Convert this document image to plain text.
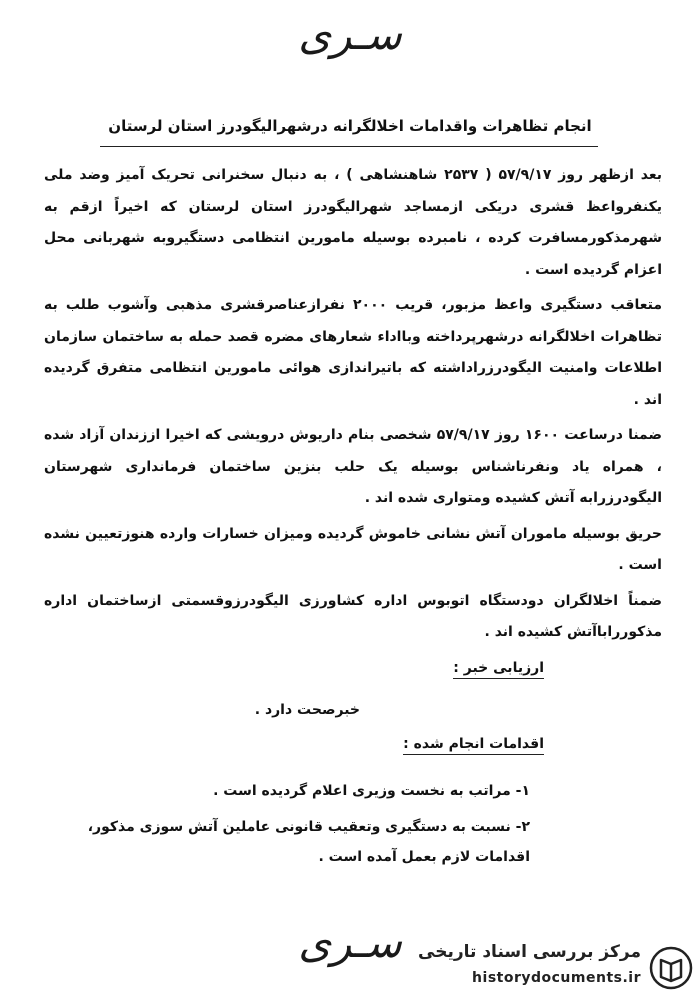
سـری
انجام تظاهرات واقدامات اخلالگرانه درشهرالیگودرز استان لرستان

بعد ازظهر روز ۵۷/۹/۱۷ ( ۲۵۳۷ شاهنشاهی ) ، به دنبال سخنرانی تحریک آمیز وضد ملی یکنفرواعظ قشری دریکی ازمساجد شهرالیگودرز استان لرستان که اخیراً ازقم به شهرمذکورمسافرت کرده ، نامبرده بوسیله مامورین انتظامی دستگیروبه شهربانی محل اعزام گردیده است .

متعاقب دستگیری واعظ مزبور، قریب ۲۰۰۰ نفرازعناصرقشری مذهبی وآشوب طلب به تظاهرات اخلالگرانه درشهرپرداخته وبااداء شعارهای مضره قصد حمله به ساختمان سازمان اطلاعات وامنیت الیگودرزراداشته که باتیراندازی هوائی مامورین انتظامی متفرق گردیده اند .

ضمنا درساعت ۱۶۰۰ روز ۵۷/۹/۱۷ شخصی بنام داریوش درویشی که اخیرا اززندان آزاد شده ، همراه یاد ونفرناشناس بوسیله یک حلب بنزین ساختمان فرمانداری شهرستان الیگودرزرابه آتش کشیده ومتواری شده اند .

حریق بوسیله ماموران آتش نشانی خاموش گردیده ومیزان خسارات وارده هنوزتعیین نشده است .

ضمناً اخلالگران دودستگاه اتوبوس اداره کشاورزی الیگودرزوقسمتی ازساختمان اداره مذکورراباآتش کشیده اند .

ارزیابی خبر :
خبرصحت دارد .
اقدامات انجام شده :

۱- مراتب به نخست وزیری اعلام گردیده است .

۲- نسبت به دستگیری وتعقیب قانونی عاملین آتش سوزی مذکور، اقدامات لازم بعمل آمده است .

سـری مرکز بررسی اسناد تاریخی
historydocuments.ir
